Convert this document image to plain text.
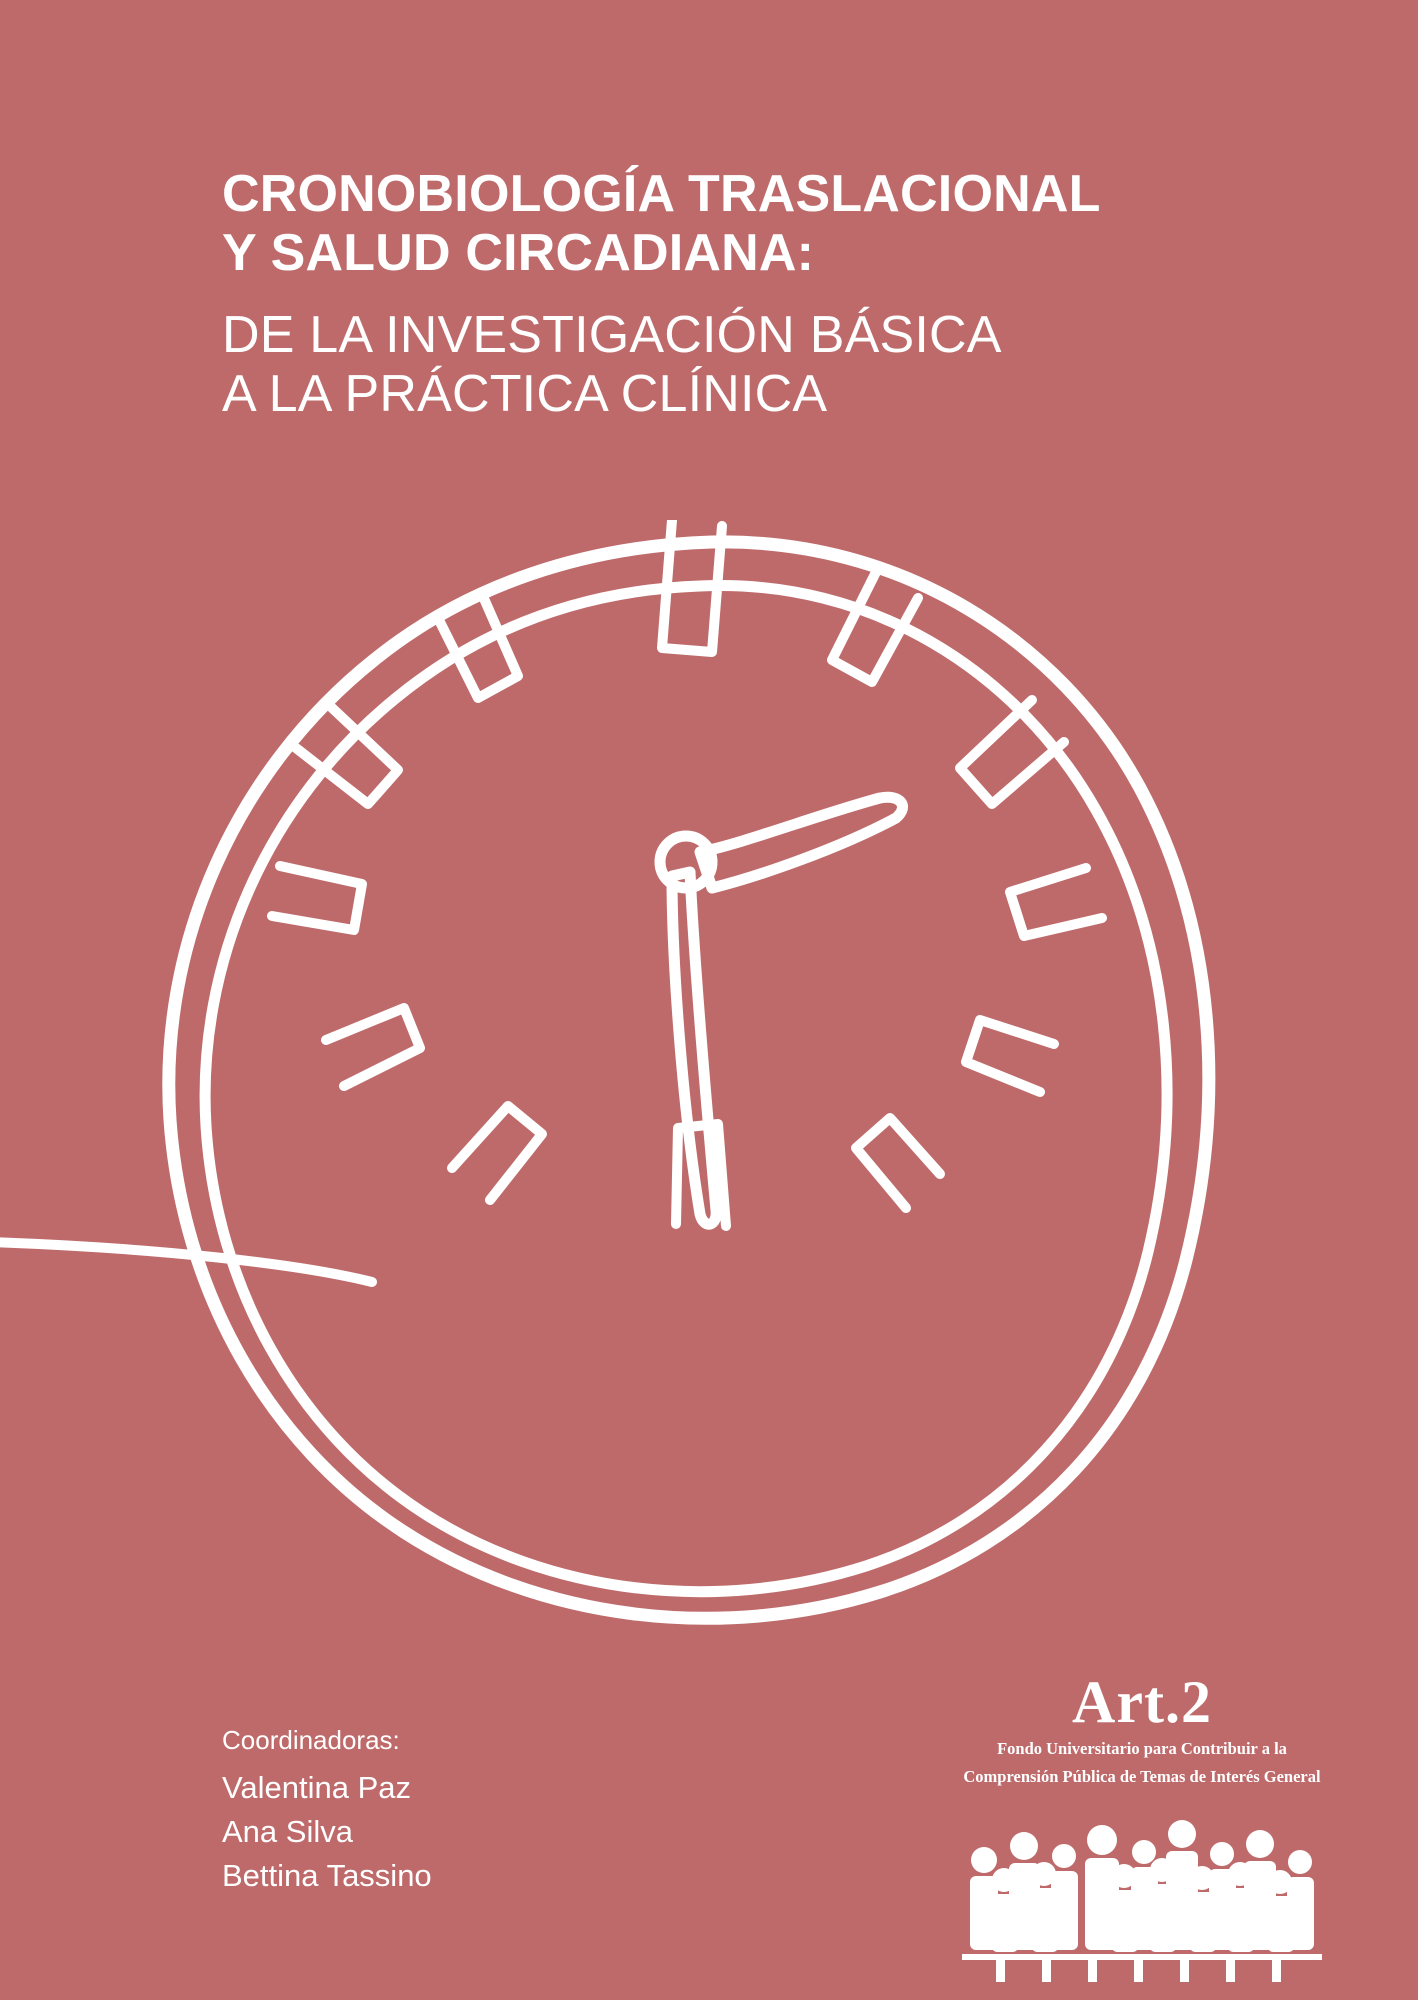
CRONOBIOLOGÍA TRASLACIONAL
Y SALUD CIRCADIANA:
DE LA INVESTIGACIÓN BÁSICA
A LA PRÁCTICA CLÍNICA
Coordinadoras:
Valentina Paz
Ana Silva
Bettina Tassino
Art.2
Fondo Universitario para Contribuir a la
Comprensión Pública de Temas de Interés General
